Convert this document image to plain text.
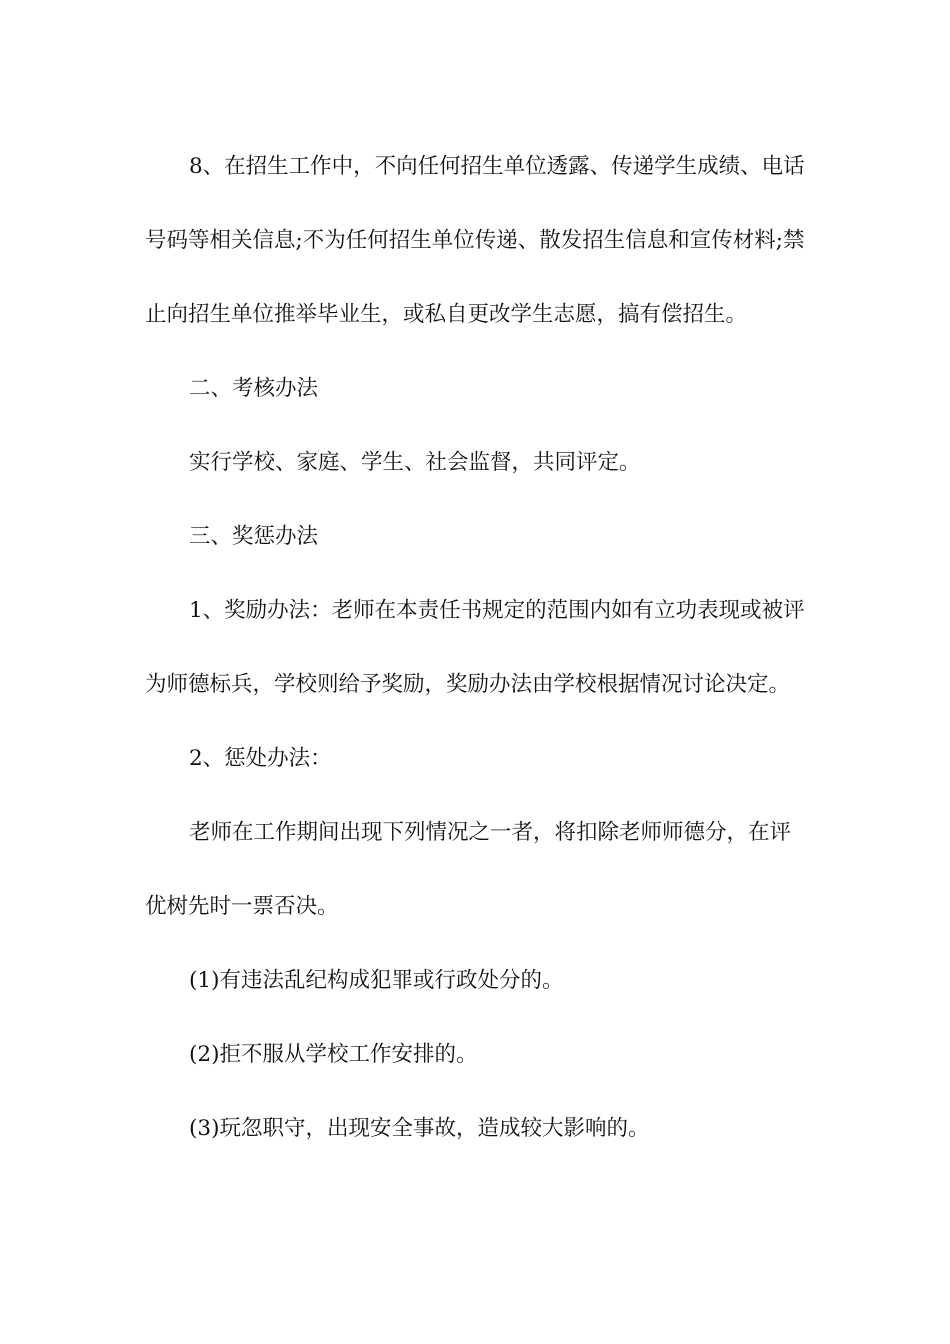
8、在招生工作中，不向任何招生单位透露、传递学生成绩、电话号码等相关信息;不为任何招生单位传递、散发招生信息和宣传材料;禁止向招生单位推举毕业生，或私自更改学生志愿，搞有偿招生。

二、考核办法

实行学校、家庭、学生、社会监督，共同评定。

三、奖惩办法

1、奖励办法：老师在本责任书规定的范围内如有立功表现或被评为师德标兵，学校则给予奖励，奖励办法由学校根据情况讨论决定。

2、惩处办法：

老师在工作期间出现下列情况之一者，将扣除老师师德分，在评优树先时一票否决。

(1)有违法乱纪构成犯罪或行政处分的。

(2)拒不服从学校工作安排的。

(3)玩忽职守，出现安全事故，造成较大影响的。
